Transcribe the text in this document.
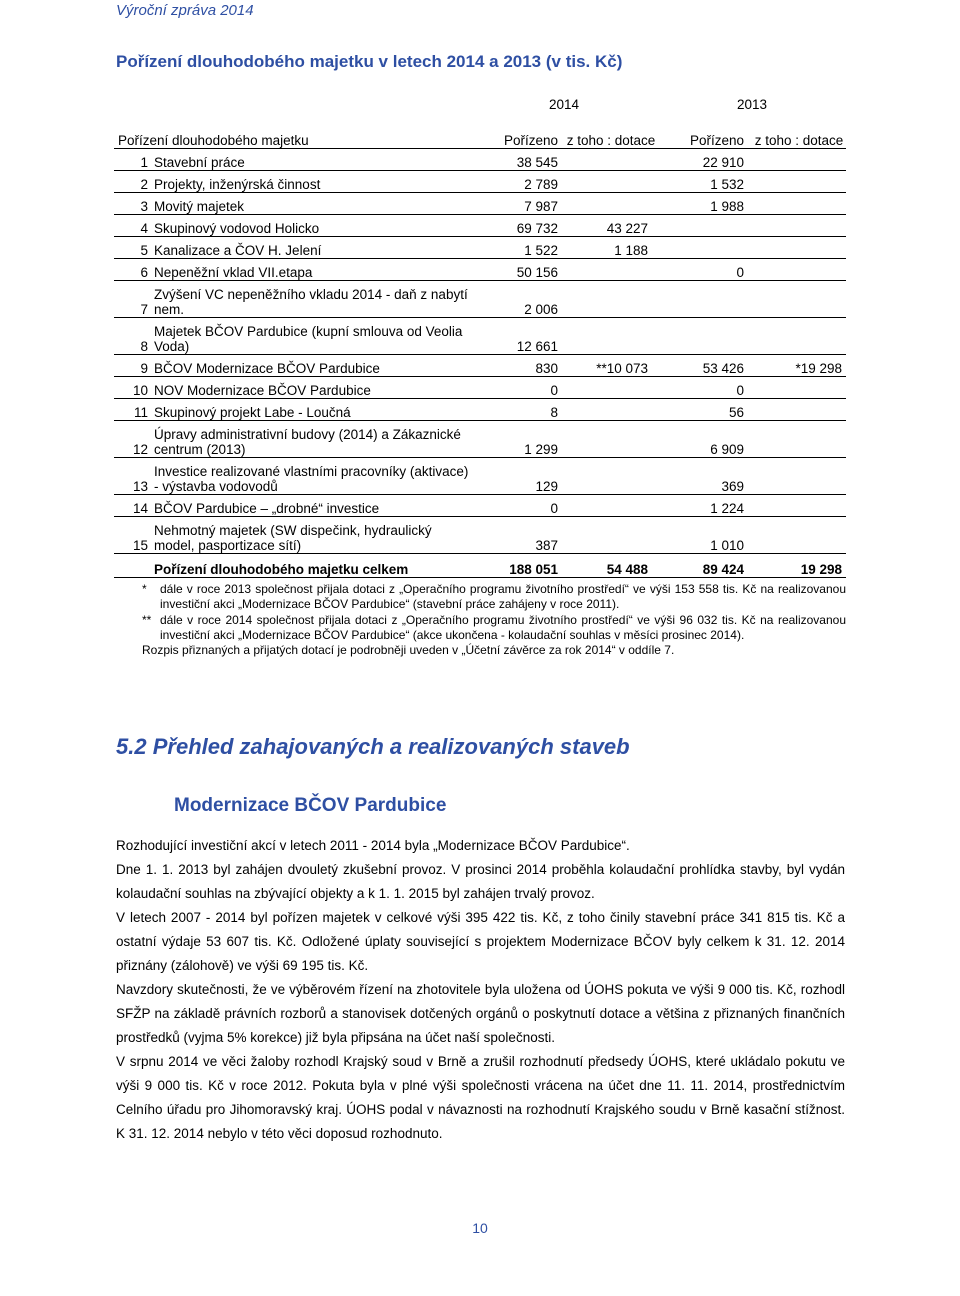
Výroční zpráva 2014
Pořízení dlouhodobého majetku v letech 2014 a 2013 (v tis. Kč)
		2014		2013	
Pořízení dlouhodobého majetku		Pořízeno	z toho : dotace	Pořízeno	z toho : dotace
1	Stavební práce	38 545		22 910	
2	Projekty, inženýrská činnost	2 789		1 532	
3	Movitý majetek	7 987		1 988	
4	Skupinový vodovod Holicko	69 732	43 227		
5	Kanalizace a ČOV H. Jelení	1 522	1 188		
6	Nepeněžní vklad VII.etapa	50 156		0	
7	Zvýšení VC nepeněžního vkladu 2014 - daň z nabytí nem.	2 006			
8	Majetek BČOV Pardubice (kupní smlouva od Veolia Voda)	12 661			
9	BČOV Modernizace BČOV Pardubice	830	**10 073	53 426	*19 298
10	NOV Modernizace BČOV Pardubice	0		0	
11	Skupinový projekt Labe - Loučná	8		56	
12	Úpravy administrativní budovy (2014) a Zákaznické centrum (2013)	1 299		6 909	
13	Investice realizované vlastními pracovníky (aktivace) - výstavba vodovodů	129		369	
14	BČOV Pardubice – „drobné“ investice	0		1 224	
15	Nehmotný majetek (SW dispečink, hydraulický model, pasportizace sítí)	387		1 010	
	Pořízení dlouhodobého majetku celkem	188 051	54 488	89 424	19 298
* dále v roce 2013 společnost přijala dotaci z „Operačního programu životního prostředí“ ve výši 153 558 tis. Kč na realizovanou investiční akci „Modernizace BČOV Pardubice“ (stavební práce zahájeny v roce 2011).
** dále v roce 2014 společnost přijala dotaci z „Operačního programu životního prostředí“ ve výši 96 032 tis. Kč na realizovanou investiční akci „Modernizace BČOV Pardubice“ (akce ukončena - kolaudační souhlas v měsíci prosinec 2014).
Rozpis přiznaných a přijatých dotací je podrobněji uveden v „Účetní závěrce za rok 2014“ v oddíle 7.
5.2 Přehled zahajovaných a realizovaných staveb
Modernizace BČOV Pardubice

Rozhodující investiční akcí v letech 2011 - 2014 byla „Modernizace BČOV Pardubice“.

Dne 1. 1. 2013 byl zahájen dvouletý zkušební provoz. V prosinci 2014 proběhla kolaudační prohlídka stavby, byl vydán kolaudační souhlas na zbývající objekty a k 1. 1. 2015 byl zahájen trvalý provoz.

V letech 2007 - 2014 byl pořízen majetek v celkové výši 395 422 tis. Kč, z toho činily stavební práce 341 815 tis. Kč a ostatní výdaje 53 607 tis. Kč. Odložené úplaty související s projektem Modernizace BČOV byly celkem k 31. 12. 2014 přiznány (zálohově) ve výši 69 195 tis. Kč.

Navzdory skutečnosti, že ve výběrovém řízení na zhotovitele byla uložena od ÚOHS pokuta ve výši 9 000 tis. Kč, rozhodl SFŽP na základě právních rozborů a stanovisek dotčených orgánů o poskytnutí dotace a většina z přiznaných finančních prostředků (vyjma 5% korekce) již byla připsána na účet naší společnosti.

V srpnu 2014 ve věci žaloby rozhodl Krajský soud v Brně a zrušil rozhodnutí předsedy ÚOHS, které ukládalo pokutu ve výši 9 000 tis. Kč v roce 2012. Pokuta byla v plné výši společnosti vrácena na účet dne 11. 11. 2014, prostřednictvím Celního úřadu pro Jihomoravský kraj. ÚOHS podal v návaznosti na rozhodnutí Krajského soudu v Brně kasační stížnost. K 31. 12. 2014 nebylo v této věci doposud rozhodnuto.

10
